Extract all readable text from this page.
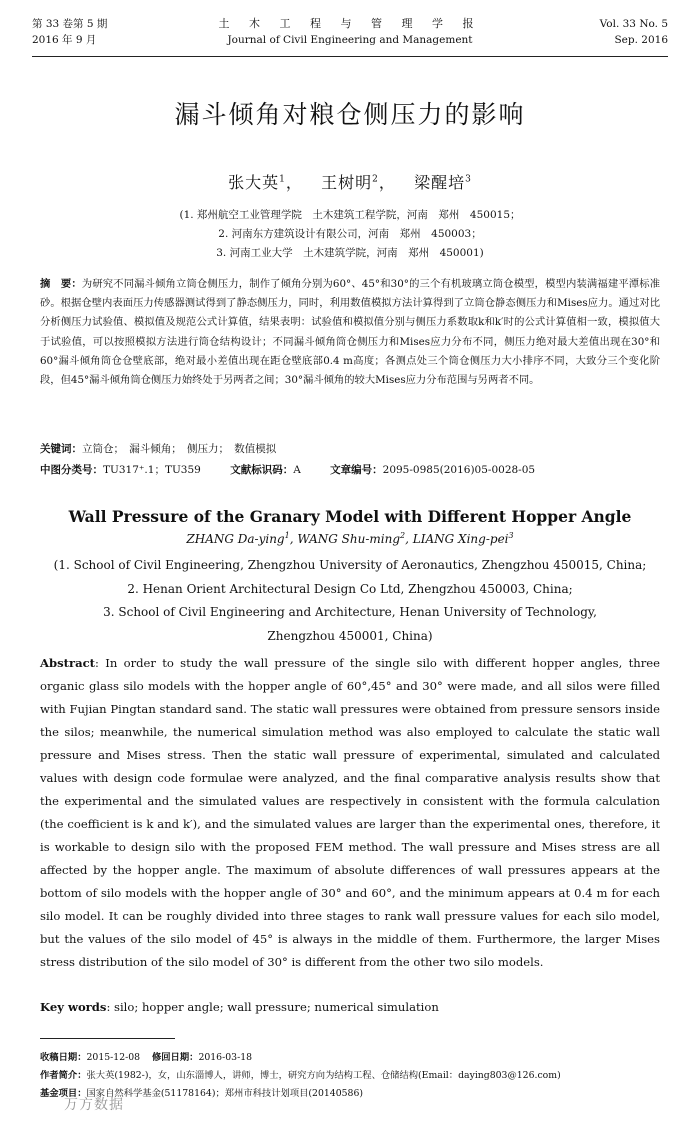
第 33 卷第 5 期
2016 年 9 月
土 木 工 程 与 管 理 学 报
Journal of Civil Engineering and Management
Vol. 33 No. 5
Sep. 2016
漏斗倾角对粮仓侧压力的影响
张大英$^1$，   王树明$^2$，   梁醒培$^3$
(1. 郑州航空工业管理学院　土木建筑工程学院，河南　郑州　450015；
2. 河南东方建筑设计有限公司，河南　郑州　450003；
3. 河南工业大学　土木建筑学院，河南　郑州　450001)
摘　要：为研究不同漏斗倾角立筒仓侧压力，制作了倾角分别为60°、45°和30°的三个有机玻璃立筒仓模型，模型内装满福建平潭标准砂。根据仓壁内表面压力传感器测试得到了静态侧压力，同时，利用数值模拟方法计算得到了立筒仓静态侧压力和Mises应力。通过对比分析侧压力试验值、模拟值及规范公式计算值，结果表明：试验值和模拟值分别与侧压力系数取k和k′时的公式计算值相一致，模拟值大于试验值，可以按照模拟方法进行筒仓结构设计；不同漏斗倾角筒仓侧压力和Mises应力分布不同，侧压力绝对最大差值出现在30°和60°漏斗倾角筒仓仓壁底部，绝对最小差值出现在距仓壁底部0.4 m高度；各测点处三个筒仓侧压力大小排序不同，大致分三个变化阶段，但45°漏斗倾角筒仓侧压力始终处于另两者之间；30°漏斗倾角的较大Mises应力分布范围与另两者不同。
关键词：立筒仓；　漏斗倾角；　侧压力；　数值模拟
中图分类号：TU317⁺.1；TU359	文献标识码：A	文章编号：2095-0985(2016)05-0028-05
Wall Pressure of the Granary Model with Different Hopper Angle
ZHANG Da-ying$^1$, WANG Shu-ming$^2$, LIANG Xing-pei$^3$
(1. School of Civil Engineering, Zhengzhou University of Aeronautics, Zhengzhou 450015, China;
2. Henan Orient Architectural Design Co Ltd, Zhengzhou 450003, China;
3. School of Civil Engineering and Architecture, Henan University of Technology,
Zhengzhou 450001, China)
Abstract: In order to study the wall pressure of the single silo with different hopper angles, three organic glass silo models with the hopper angle of 60°,45° and 30° were made, and all silos were filled with Fujian Pingtan standard sand. The static wall pressures were obtained from pressure sensors inside the silos; meanwhile, the numerical simulation method was also employed to calculate the static wall pressure and Mises stress. Then the static wall pressure of experimental, simulated and calculated values with design code formulae were analyzed, and the final comparative analysis results show that the experimental and the simulated values are respectively in consistent with the formula calculation (the coefficient is k and k′), and the simulated values are larger than the experimental ones, therefore, it is workable to design silo with the proposed FEM method. The wall pressure and Mises stress are all affected by the hopper angle. The maximum of absolute differences of wall pressures appears at the bottom of silo models with the hopper angle of 30° and 60°, and the minimum appears at 0.4 m for each silo model. It can be roughly divided into three stages to rank wall pressure values for each silo model, but the values of the silo model of 45° is always in the middle of them. Furthermore, the larger Mises stress distribution of the silo model of 30° is different from the other two silo models.
Key words: silo; hopper angle; wall pressure; numerical simulation
收稿日期：2015-12-08 修回日期：2016-03-18
作者简介：张大英(1982-)，女，山东淄博人，讲师，博士，研究方向为结构工程、仓储结构(Email：daying803@126.com)
基金项目：国家自然科学基金(51178164)；郑州市科技计划项目(20140586)
万方数据
